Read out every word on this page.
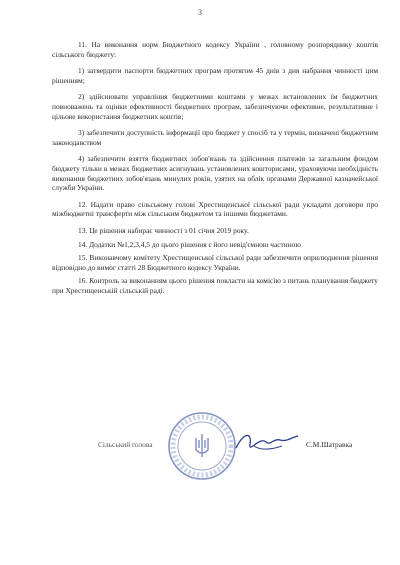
3

11. На виконання норм Бюджетного кодексу України , головному розпоряднику коштів сільського бюджету:

1) затвердити паспорти бюджетних програм протягом 45 днів з дня набрання чинності цим рішенням;

2) здійснювати управління бюджетними коштами у межах встановлених їм бюджетних повноважень та оцінки ефективності бюджетних програм, забезпечуючи ефективне, результативне і цільове використання бюджетних коштів;

3) забезпечити доступність інформації про бюджет у спосіб та у термін, визначені бюджетним законодавством

4) забезпечити взяття бюджетних зобов'язань та здійснення платежів за загальним фондом бюджету тільки в межах бюджетних асигнувань установлених кошторисами, ураховуючи необхідність виконання бюджетних зобов'язань минулих років, узятих на облік органами Державної казначейської служби України.

12. Надати право сільському голові Хрестищенської сільської ради укладати договори про міжбюджетні трансферти між сільським бюджетом та іншими бюджетами.

13. Це рішення набирає чинності з 01 січня 2019 року.

14. Додатки №1,2,3,4,5 до цього рішення є його невід'ємною частиною

15. Виконавчому комітету Хрестищенської сільської ради забезпечити оприлюднення рішення відповідно до вимог статті 28 Бюджетного кодексу України.

16. Контроль за виконанням цього рішення покласти на комісію з питань планування бюджету при Хрестищенській сільській раді.

Сільський голова	С.М.Шатравка
